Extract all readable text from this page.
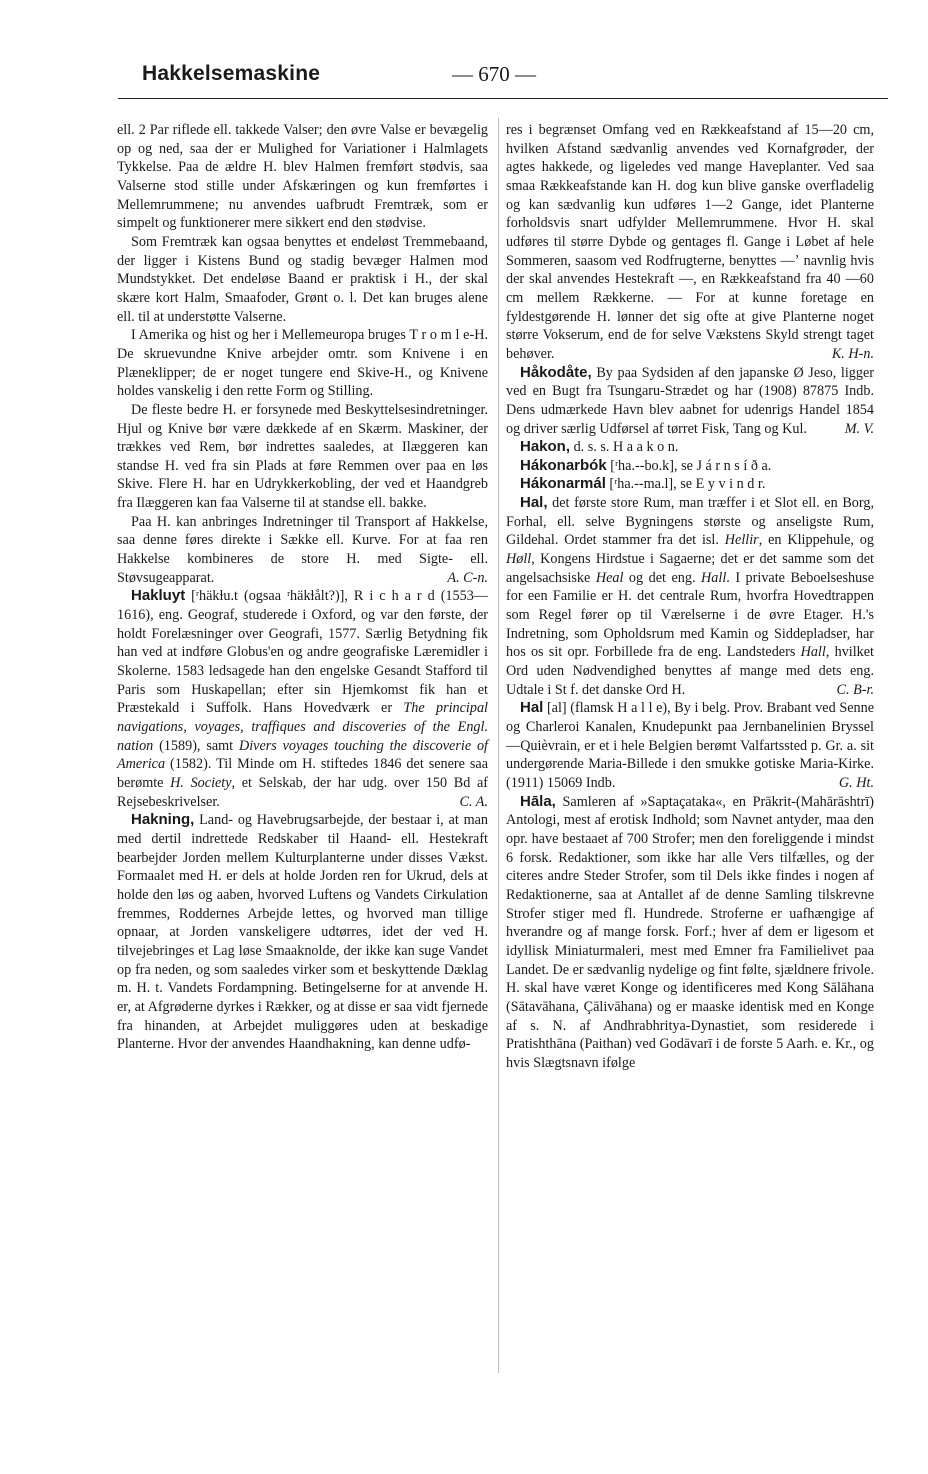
Hakkelsemaskine	— 670 —

ell. 2 Par riflede ell. takkede Valser; den øvre Valse er bevægelig op og ned, saa der er Mulighed for Variationer i Halmlagets Tykkelse. Paa de ældre H. blev Halmen fremført stødvis, saa Valserne stod stille under Afskæringen og kun fremførtes i Mellemrummene; nu anvendes uafbrudt Fremtræk, som er simpelt og funktionerer mere sikkert end den stødvise.

Som Fremtræk kan ogsaa benyttes et endeløst Tremmebaand, der ligger i Kistens Bund og stadig bevæger Halmen mod Mundstykket. Det endeløse Baand er praktisk i H., der skal skære kort Halm, Smaafoder, Grønt o. l. Det kan bruges alene ell. til at understøtte Valserne.

I Amerika og hist og her i Mellemeuropa bruges T r o m l e-H. De skruevundne Knive arbejder omtr. som Knivene i en Plæneklipper; de er noget tungere end Skive-H., og Knivene holdes vanskelig i den rette Form og Stilling.

De fleste bedre H. er forsynede med Beskyttelsesindretninger. Hjul og Knive bør være dækkede af en Skærm. Maskiner, der trækkes ved Rem, bør indrettes saaledes, at Ilæggeren kan standse H. ved fra sin Plads at føre Remmen over paa en løs Skive. Flere H. har en Udrykkerkobling, der ved et Haandgreb fra Ilæggeren kan faa Valserne til at standse ell. bakke.

Paa H. kan anbringes Indretninger til Transport af Hakkelse, saa denne føres direkte i Sække ell. Kurve. For at faa ren Hakkelse kombineres de store H. med Sigte- ell. Støvsugeapparat.	A. C-n.

Hakluyt [ʳhäkɫu.t (ogsaa ʳhäkɫålt?)], R i c h a r d (1553—1616), eng. Geograf, studerede i Oxford, og var den første, der holdt Forelæsninger over Geografi, 1577. Særlig Betydning fik han ved at indføre Globus'en og andre geografiske Læremidler i Skolerne. 1583 ledsagede han den engelske Gesandt Stafford til Paris som Huskapellan; efter sin Hjemkomst fik han et Præstekald i Suffolk. Hans Hovedværk er The principal navigations, voyages, traffiques and discoveries of the Engl. nation (1589), samt Divers voyages touching the discoverie of America (1582). Til Minde om H. stiftedes 1846 det senere saa berømte H. Society, et Selskab, der har udg. over 150 Bd af Rejsebeskrivelser.	C. A.

Hakning, Land- og Havebrugsarbejde, der bestaar i, at man med dertil indrettede Redskaber til Haand- ell. Hestekraft bearbejder Jorden mellem Kulturplanterne under disses Vækst. Formaalet med H. er dels at holde Jorden ren for Ukrud, dels at holde den løs og aaben, hvorved Luftens og Vandets Cirkulation fremmes, Roddernes Arbejde lettes, og hvorved man tillige opnaar, at Jorden vanskeligere udtørres, idet der ved H. tilvejebringes et Lag løse Smaaknolde, der ikke kan suge Vandet op fra neden, og som saaledes virker som et beskyttende Dæklag m. H. t. Vandets Fordampning. Betingelserne for at anvende H. er, at Afgrøderne dyrkes i Rækker, og at disse er saa vidt fjernede fra hinanden, at Arbejdet muliggøres uden at beskadige Planterne. Hvor der anvendes Haandhakning, kan denne udfø-

res i begrænset Omfang ved en Rækkeafstand af 15—20 cm, hvilken Afstand sædvanlig anvendes ved Kornafgrøder, der agtes hakkede, og ligeledes ved mange Haveplanter. Ved saa smaa Rækkeafstande kan H. dog kun blive ganske overfladelig og kan sædvanlig kun udføres 1—2 Gange, idet Planterne forholdsvis snart udfylder Mellemrummene. Hvor H. skal udføres til større Dybde og gentages fl. Gange i Løbet af hele Sommeren, saasom ved Rodfrugterne, benyttes —ʼ navnlig hvis der skal anvendes Hestekraft —, en Rækkeafstand fra 40 —60 cm mellem Rækkerne. — For at kunne foretage en fyldestgørende H. lønner det sig ofte at give Planterne noget større Vokserum, end de for selve Vækstens Skyld strengt taget behøver.	K. H-n.

Håkodåte, By paa Sydsiden af den japanske Ø Jeso, ligger ved en Bugt fra Tsungaru-Strædet og har (1908) 87875 Indb. Dens udmærkede Havn blev aabnet for udenrigs Handel 1854 og driver særlig Udførsel af tørret Fisk, Tang og Kul.	M. V.

Hakon, d. s. s. H a a k o n.

Hákonarbók [ʳha.--bo.k], se J á r n s í ð a.

Hákonarmál [ʳha.--ma.l], se E y v i n d r.

Hal, det første store Rum, man træffer i et Slot ell. en Borg, Forhal, ell. selve Bygningens største og anseligste Rum, Gildehal. Ordet stammer fra det isl. Hellir, en Klippehule, og Høll, Kongens Hirdstue i Sagaerne; det er det samme som det angelsachsiske Heal og det eng. Hall. I private Beboelseshuse for een Familie er H. det centrale Rum, hvorfra Hovedtrappen som Regel fører op til Værelserne i de øvre Etager. H.'s Indretning, som Opholdsrum med Kamin og Siddepladser, har hos os sit opr. Forbillede fra de eng. Landsteders Hall, hvilket Ord uden Nødvendighed benyttes af mange med dets eng. Udtale i St f. det danske Ord H.	C. B-r.

Hal [al] (flamsk H a l l e), By i belg. Prov. Brabant ved Senne og Charleroi Kanalen, Knudepunkt paa Jernbanelinien Bryssel—Quièvrain, er et i hele Belgien berømt Valfartssted p. Gr. a. sit undergørende Maria-Billede i den smukke gotiske Maria-Kirke. (1911) 15069 Indb.	G. Ht.

Hāla, Samleren af »Saptaçataka«, en Prākrit-(Mahārāshtrī) Antologi, mest af erotisk Indhold; som Navnet antyder, maa den opr. have bestaaet af 700 Strofer; men den foreliggende i mindst 6 forsk. Redaktioner, som ikke har alle Vers tilfælles, og der citeres andre Steder Strofer, som til Dels ikke findes i nogen af Redaktionerne, saa at Antallet af de denne Samling tilskrevne Strofer stiger med fl. Hundrede. Stroferne er uafhængige af hverandre og af mange forsk. Forf.; hver af dem er ligesom et idyllisk Miniaturmaleri, mest med Emner fra Familielivet paa Landet. De er sædvanlig nydelige og fint følte, sjældnere frivole. H. skal have været Konge og identificeres med Kong Sālāhana (Sātavāhana, Çālivāhana) og er maaske identisk med en Konge af s. N. af Andhrabhritya-Dynastiet, som residerede i Pratishthāna (Paithan) ved Godāvarī i de forste 5 Aarh. e. Kr., og hvis Slægtsnavn ifølge
